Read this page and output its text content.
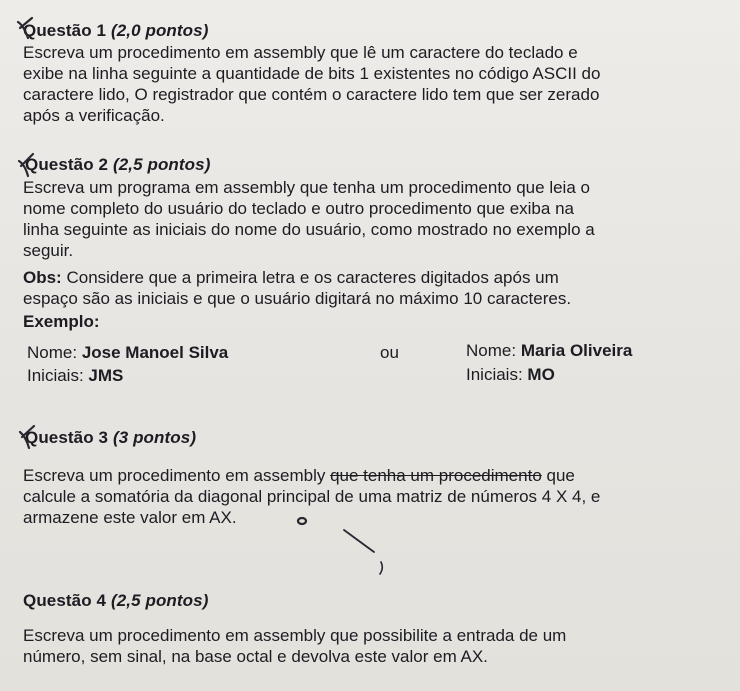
Questão 1 (2,0 pontos)
Escreva um procedimento em assembly que lê um caractere do teclado e
exibe na linha seguinte a quantidade de bits 1 existentes no código ASCII do
caractere lido, O registrador que contém o caractere lido tem que ser zerado
após a verificação.
Questão 2 (2,5 pontos)
Escreva um programa em assembly que tenha um procedimento que leia o
nome completo do usuário do teclado e outro procedimento que exiba na
linha seguinte as iniciais do nome do usuário, como mostrado no exemplo a
seguir.
Obs: Considere que a primeira letra e os caracteres digitados após um
espaço são as iniciais e que o usuário digitará no máximo 10 caracteres.
Exemplo:
Nome: Jose Manoel Silva
Iniciais: JMS
ou	Nome: Maria Oliveira
Iniciais: MO
Questão 3 (3 pontos)
Escreva um procedimento em assembly que tenha um procedimento que
calcule a somatória da diagonal principal de uma matriz de números 4 X 4, e
armazene este valor em AX.
Questão 4 (2,5 pontos)
Escreva um procedimento em assembly que possibilite a entrada de um
número, sem sinal, na base octal e devolva este valor em AX.
